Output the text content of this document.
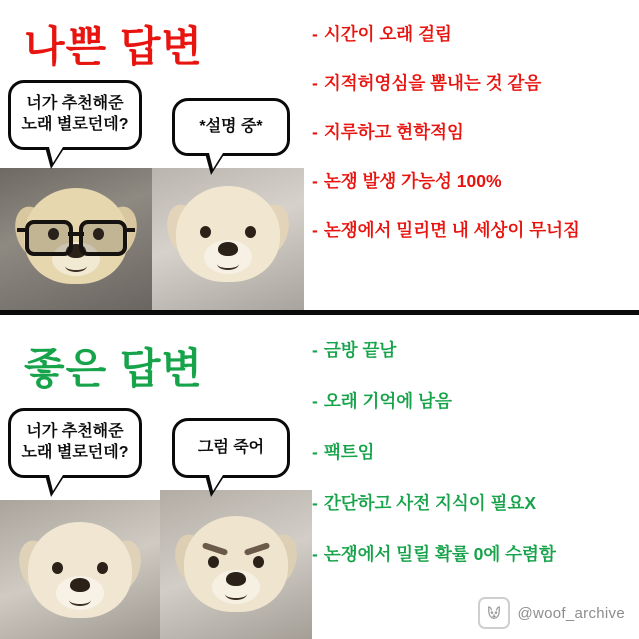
나쁜 답변	- 시간이 오래 걸림
- 지적허영심을 뽐내는 것 같음
- 지루하고 현학적임
- 논쟁 발생 가능성 100%
- 논쟁에서 밀리면 내 세상이 무너짐
너가 추천해준
노래 별로던데?	*설명 중*
좋은 답변	- 금방 끝남
- 오래 기억에 남음
- 팩트임
- 간단하고 사전 지식이 필요X
- 논쟁에서 밀릴 확률 0에 수렴함
너가 추천해준
노래 별로던데?	그럼 죽어
@woof_archive
